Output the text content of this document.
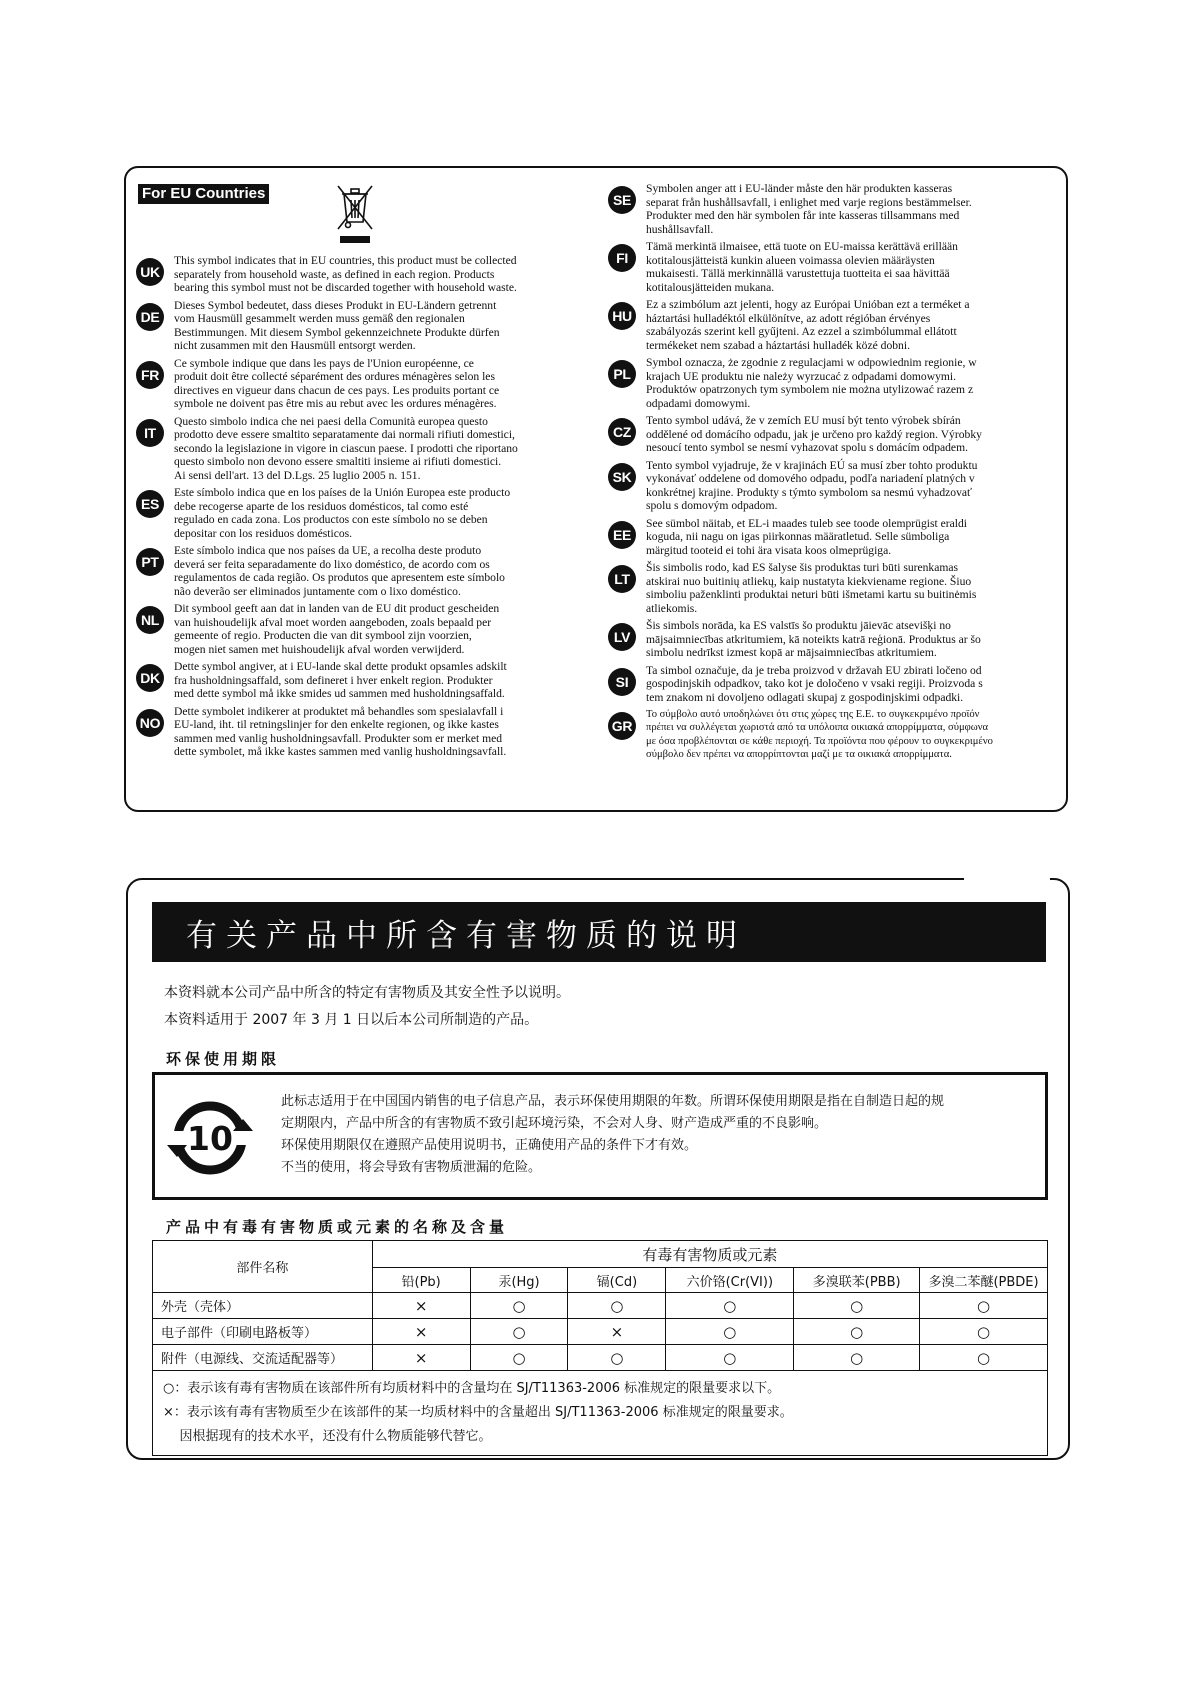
For EU Countries
UK
This symbol indicates that in EU countries, this product must be collected
separately from household waste, as defined in each region. Products
bearing this symbol must not be discarded together with household waste.
DE
Dieses Symbol bedeutet, dass dieses Produkt in EU-Ländern getrennt
vom Hausmüll gesammelt werden muss gemäß den regionalen
Bestimmungen. Mit diesem Symbol gekennzeichnete Produkte dürfen
nicht zusammen mit den Hausmüll entsorgt werden.
FR
Ce symbole indique que dans les pays de l'Union européenne, ce
produit doit être collecté séparément des ordures ménagères selon les
directives en vigueur dans chacun de ces pays. Les produits portant ce
symbole ne doivent pas être mis au rebut avec les ordures ménagères.
IT
Questo simbolo indica che nei paesi della Comunità europea questo
prodotto deve essere smaltito separatamente dai normali rifiuti domestici,
secondo la legislazione in vigore in ciascun paese. I prodotti che riportano
questo simbolo non devono essere smaltiti insieme ai rifiuti domestici.
Ai sensi dell'art. 13 del D.Lgs. 25 luglio 2005 n. 151.
ES
Este símbolo indica que en los países de la Unión Europea este producto
debe recogerse aparte de los residuos domésticos, tal como esté
regulado en cada zona. Los productos con este símbolo no se deben
depositar con los residuos domésticos.
PT
Este símbolo indica que nos países da UE, a recolha deste produto
deverá ser feita separadamente do lixo doméstico, de acordo com os
regulamentos de cada região. Os produtos que apresentem este símbolo
não deverão ser eliminados juntamente com o lixo doméstico.
NL
Dit symbool geeft aan dat in landen van de EU dit product gescheiden
van huishoudelijk afval moet worden aangeboden, zoals bepaald per
gemeente of regio. Producten die van dit symbool zijn voorzien,
mogen niet samen met huishoudelijk afval worden verwijderd.
DK
Dette symbol angiver, at i EU-lande skal dette produkt opsamles adskilt
fra husholdningsaffald, som defineret i hver enkelt region. Produkter
med dette symbol må ikke smides ud sammen med husholdningsaffald.
NO
Dette symbolet indikerer at produktet må behandles som spesialavfall i
EU-land, iht. til retningslinjer for den enkelte regionen, og ikke kastes
sammen med vanlig husholdningsavfall. Produkter som er merket med
dette symbolet, må ikke kastes sammen med vanlig husholdningsavfall.
SE
Symbolen anger att i EU-länder måste den här produkten kasseras
separat från hushållsavfall, i enlighet med varje regions bestämmelser.
Produkter med den här symbolen får inte kasseras tillsammans med
hushållsavfall.
FI
Tämä merkintä ilmaisee, että tuote on EU-maissa kerättävä erillään
kotitalousjätteistä kunkin alueen voimassa olevien määräysten
mukaisesti. Tällä merkinnällä varustettuja tuotteita ei saa hävittää
kotitalousjätteiden mukana.
HU
Ez a szimbólum azt jelenti, hogy az Európai Unióban ezt a terméket a
háztartási hulladéktól elkülönítve, az adott régióban érvényes
szabályozás szerint kell gyűjteni. Az ezzel a szimbólummal ellátott
termékeket nem szabad a háztartási hulladék közé dobni.
PL
Symbol oznacza, że zgodnie z regulacjami w odpowiednim regionie, w
krajach UE produktu nie należy wyrzucać z odpadami domowymi.
Produktów opatrzonych tym symbolem nie można utylizować razem z
odpadami domowymi.
CZ
Tento symbol udává, že v zemích EU musí být tento výrobek sbírán
oddělené od domácího odpadu, jak je určeno pro každý region. Výrobky
nesoucí tento symbol se nesmí vyhazovat spolu s domácím odpadem.
SK
Tento symbol vyjadruje, že v krajinách EÚ sa musí zber tohto produktu
vykonávať oddelene od domového odpadu, podľa nariadení platných v
konkrétnej krajine. Produkty s týmto symbolom sa nesmú vyhadzovať
spolu s domovým odpadom.
EE
See sümbol näitab, et EL-i maades tuleb see toode olemprügist eraldi
koguda, nii nagu on igas piirkonnas määratletud. Selle sümboliga
märgitud tooteid ei tohi ära visata koos olmeprügiga.
LT
Šis simbolis rodo, kad ES šalyse šis produktas turi būti surenkamas
atskirai nuo buitinių atliekų, kaip nustatyta kiekviename regione. Šiuo
simboliu paženklinti produktai neturi būti išmetami kartu su buitinėmis
atliekomis.
LV
Šis simbols norāda, ka ES valstīs šo produktu jāievāc atsevišķi no
mājsaimniecības atkritumiem, kā noteikts katrā reģionā. Produktus ar šo
simbolu nedrīkst izmest kopā ar mājsaimniecības atkritumiem.
SI
Ta simbol označuje, da je treba proizvod v državah EU zbirati ločeno od
gospodinjskih odpadkov, tako kot je določeno v vsaki regiji. Proizvoda s
tem znakom ni dovoljeno odlagati skupaj z gospodinjskimi odpadki.
GR
Το σύμβολο αυτό υποδηλώνει ότι στις χώρες της Ε.Ε. το συγκεκριμένο προϊόν
πρέπει να συλλέγεται χωριστά από τα υπόλοιπα οικιακά απορρίμματα, σύμφωνα
με όσα προβλέπονται σε κάθε περιοχή. Τα προϊόντα που φέρουν το συγκεκριμένο
σύμβολο δεν πρέπει να απορρίπτονται μαζί με τα οικιακά απορρίμματα.
有关产品中所含有害物质的说明
本资料就本公司产品中所含的特定有害物质及其安全性予以说明。
本资料适用于 2007 年 3 月 1 日以后本公司所制造的产品。
环保使用期限
10
此标志适用于在中国国内销售的电子信息产品，表示环保使用期限的年数。所谓环保使用期限是指在自制造日起的规
定期限内，产品中所含的有害物质不致引起环境污染，不会对人身、财产造成严重的不良影响。
环保使用期限仅在遵照产品使用说明书，正确使用产品的条件下才有效。
不当的使用，将会导致有害物质泄漏的危险。
产品中有毒有害物质或元素的名称及含量
部件名称	有毒有害物质或元素					
	铅(Pb)	汞(Hg)	镉(Cd)	六价铬(Cr(VI))	多溴联苯(PBB)	多溴二苯醚(PBDE)
外壳（壳体）	×	○	○	○	○	○
电子部件（印刷电路板等）	×	○	×	○	○	○
附件（电源线、交流适配器等）	×	○	○	○	○	○

○：表示该有毒有害物质在该部件所有均质材料中的含量均在 SJ/T11363-2006 标准规定的限量要求以下。
×：表示该有毒有害物质至少在该部件的某一均质材料中的含量超出 SJ/T11363-2006 标准规定的限量要求。
因根据现有的技术水平，还没有什么物质能够代替它。						
